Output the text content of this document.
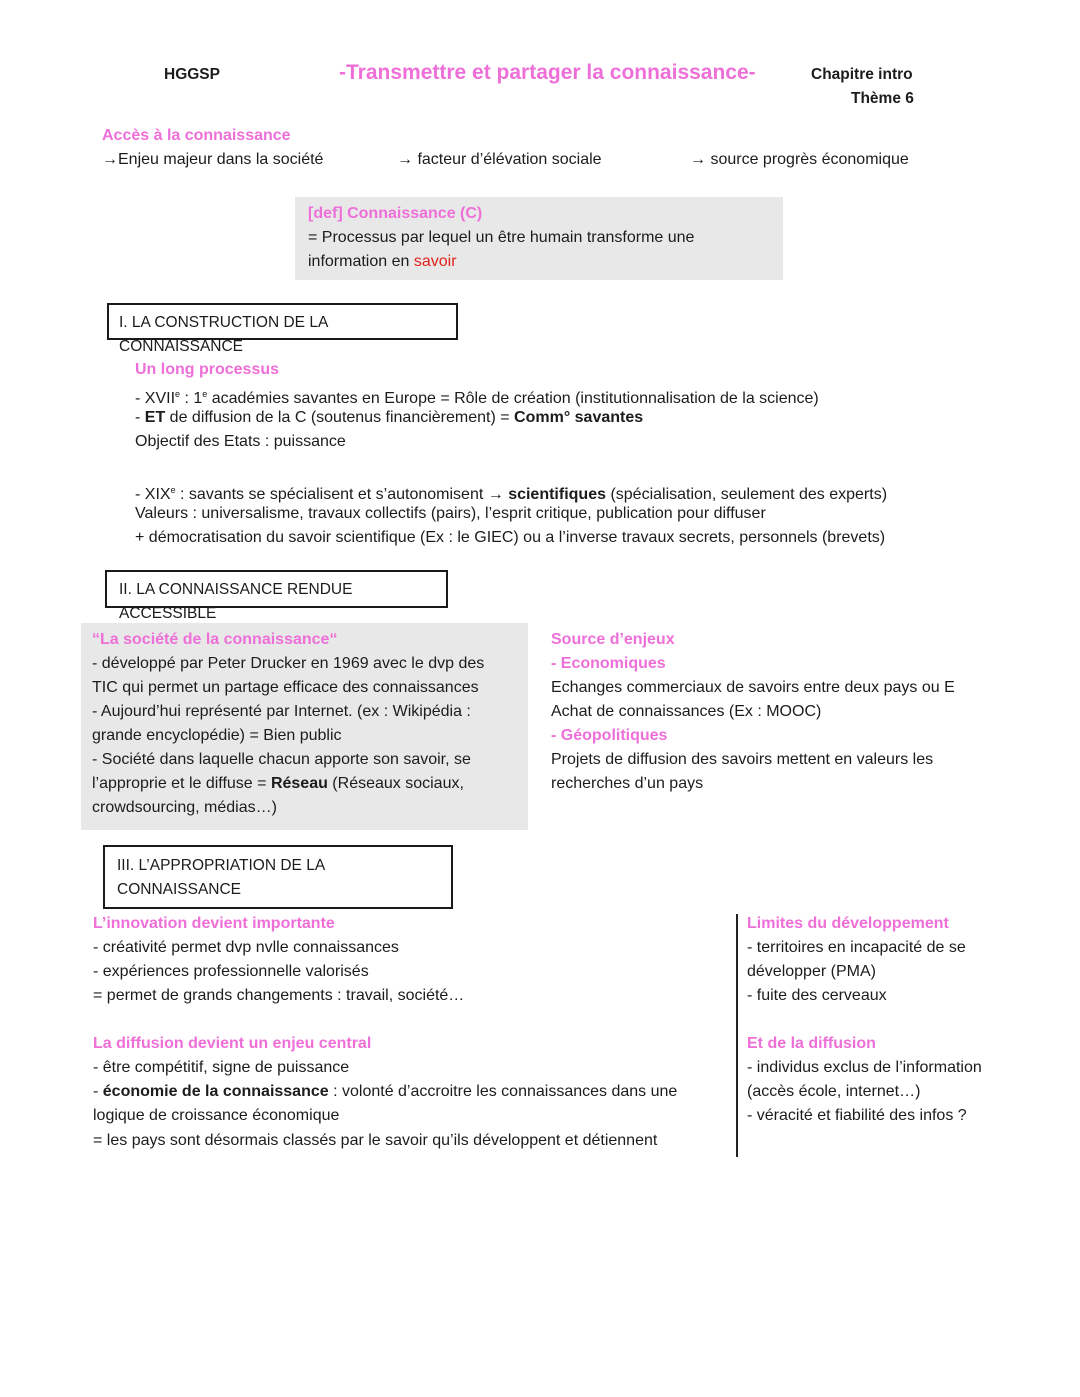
HGGSP	-Transmettre et partager la connaissance-	Chapitre intro
Thème 6
Accès à la connaissance
→Enjeu majeur dans la société	→ facteur d’élévation sociale	→ source progrès économique
[def] Connaissance (C)
= Processus par lequel un être humain transforme une
information en savoir
I. LA CONSTRUCTION DE LA CONNAISSANCE
Un long processus
- XVIIe : 1e académies savantes en Europe = Rôle de création (institutionnalisation de la science)
- ET de diffusion de la C (soutenus financièrement) = Comm° savantes
Objectif des Etats : puissance
- XIXe : savants se spécialisent et s’autonomisent → scientifiques (spécialisation, seulement des experts)
Valeurs : universalisme, travaux collectifs (pairs), l’esprit critique, publication pour diffuser
+ démocratisation du savoir scientifique (Ex : le GIEC) ou a l’inverse travaux secrets, personnels (brevets)
II. LA CONNAISSANCE RENDUE ACCESSIBLE
“La société de la connaissance“
- développé par Peter Drucker en 1969 avec le dvp des
TIC qui permet un partage efficace des connaissances
- Aujourd’hui représenté par Internet. (ex : Wikipédia :
grande encyclopédie) = Bien public
- Société dans laquelle chacun apporte son savoir, se
l’approprie et le diffuse = Réseau (Réseaux sociaux,
crowdsourcing, médias…)
Source d’enjeux
- Economiques
Echanges commerciaux de savoirs entre deux pays ou E
Achat de connaissances (Ex : MOOC)
- Géopolitiques
Projets de diffusion des savoirs mettent en valeurs les
recherches d’un pays
III. L’APPROPRIATION DE LA
CONNAISSANCE
L’innovation devient importante
- créativité permet dvp nvlle connaissances
- expériences professionnelle valorisés
= permet de grands changements : travail, société…
La diffusion devient un enjeu central
- être compétitif, signe de puissance
- économie de la connaissance : volonté d’accroitre les connaissances dans une
logique de croissance économique
= les pays sont désormais classés par le savoir qu’ils développent et détiennent
Limites du développement
- territoires en incapacité de se
développer (PMA)
- fuite des cerveaux
Et de la diffusion
- individus exclus de l’information
(accès école, internet…)
- véracité et fiabilité des infos ?
